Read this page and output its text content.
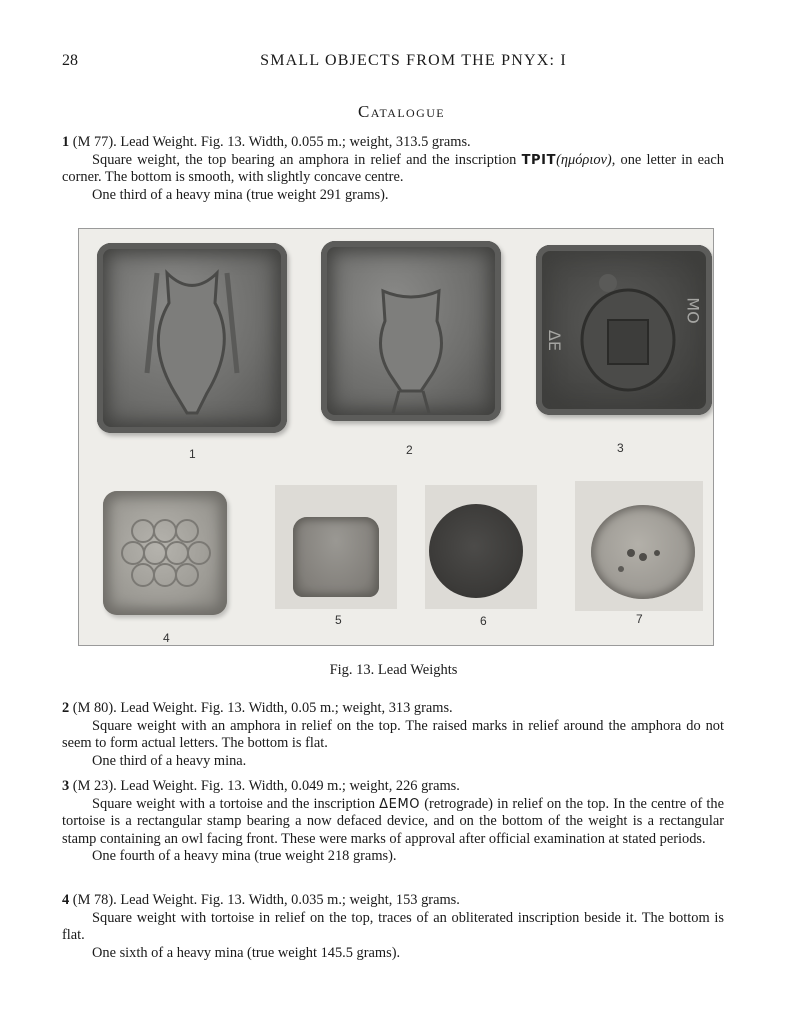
28	SMALL OBJECTS FROM THE PNYX: I
Catalogue

1 (M 77). Lead Weight. Fig. 13. Width, 0.055 m.; weight, 313.5 grams.

Square weight, the top bearing an amphora in relief and the inscription TPIT(ημόριον), one letter in each corner. The bottom is smooth, with slightly concave centre.

One third of a heavy mina (true weight 291 grams).

1	2
ΔΕ
ΜΟ
3
4
5	6	7
Fig. 13. Lead Weights

2 (M 80). Lead Weight. Fig. 13. Width, 0.05 m.; weight, 313 grams.

Square weight with an amphora in relief on the top. The raised marks in relief around the amphora do not seem to form actual letters. The bottom is flat.

One third of a heavy mina.

3 (M 23). Lead Weight. Fig. 13. Width, 0.049 m.; weight, 226 grams.

Square weight with a tortoise and the inscription ΔEMO (retrograde) in relief on the top. In the centre of the tortoise is a rectangular stamp bearing a now defaced device, and on the bottom of the weight is a rectangular stamp containing an owl facing front. These were marks of approval after official examination at stated periods.

One fourth of a heavy mina (true weight 218 grams).

4 (M 78). Lead Weight. Fig. 13. Width, 0.035 m.; weight, 153 grams.

Square weight with tortoise in relief on the top, traces of an obliterated inscription beside it. The bottom is flat.

One sixth of a heavy mina (true weight 145.5 grams).
